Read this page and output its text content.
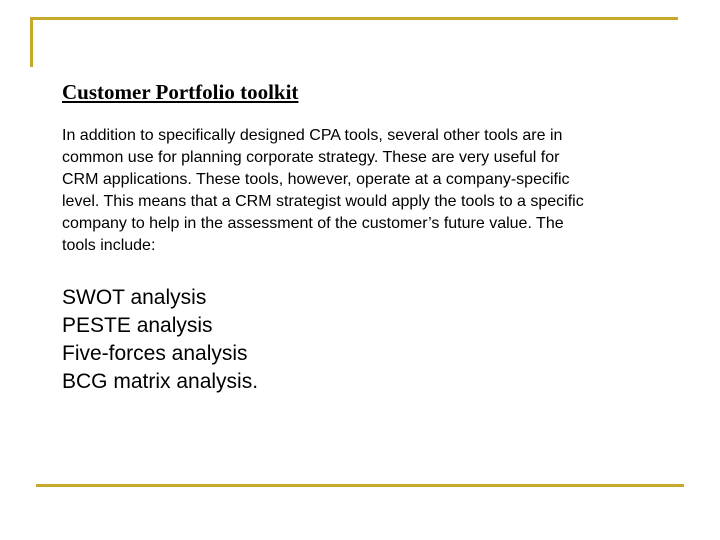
Customer Portfolio toolkit

In addition to specifically designed CPA tools, several other tools are in
common use for planning corporate strategy. These are very useful for
CRM applications. These tools, however, operate at a company-specific
level. This means that a CRM strategist would apply the tools to a specific
company to help in the assessment of the customer’s future value. The
tools include:

SWOT analysis
PESTE analysis
Five-forces analysis
BCG matrix analysis.
